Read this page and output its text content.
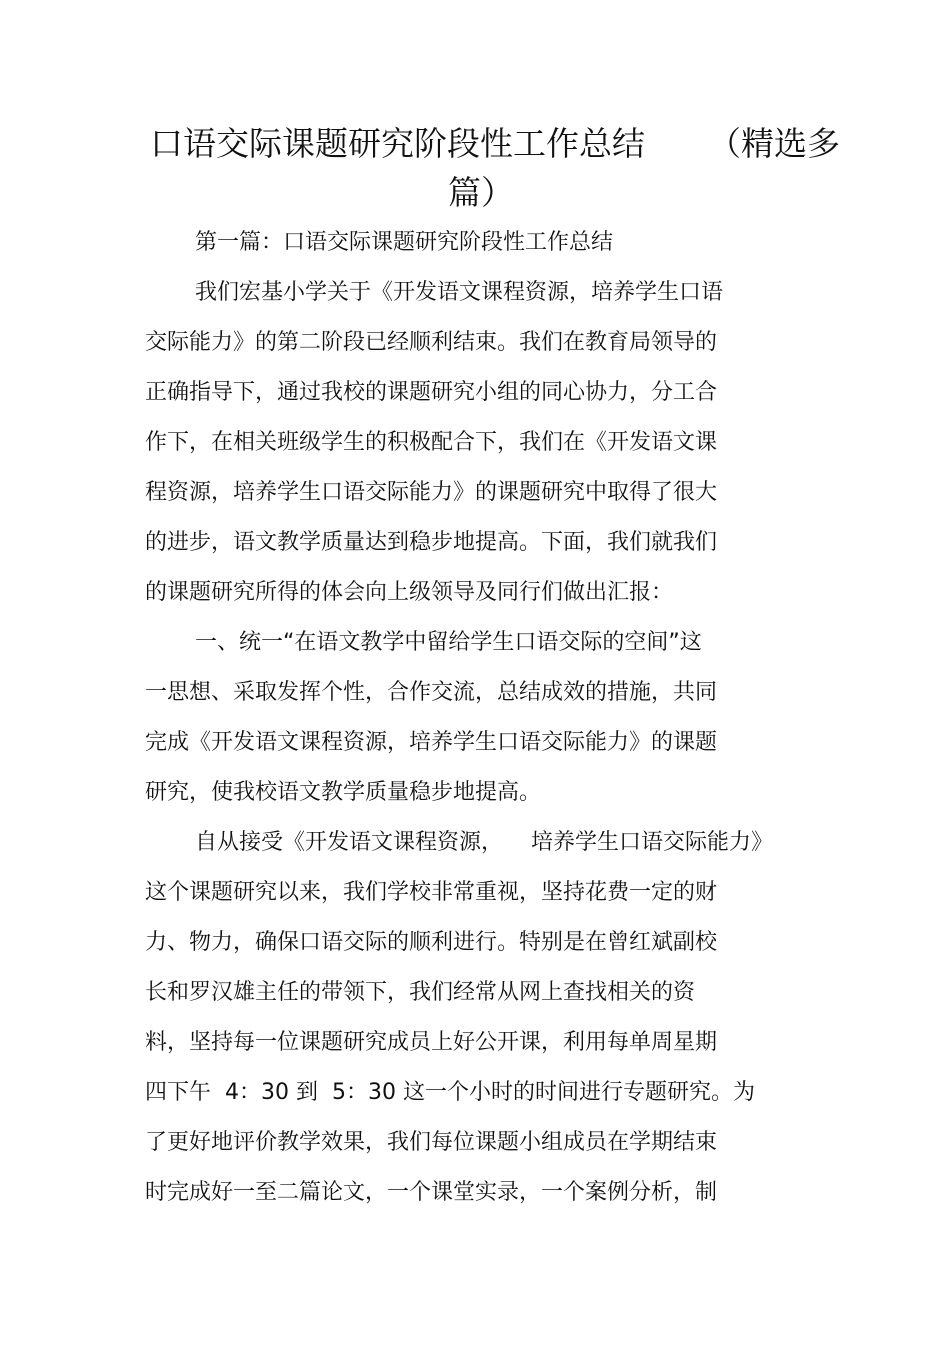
口语交际课题研究阶段性工作总结      （精选多
篇）
第一篇：口语交际课题研究阶段性工作总结
我们宏基小学关于《开发语文课程资源，培养学生口语
交际能力》的第二阶段已经顺利结束。我们在教育局领导的
正确指导下，通过我校的课题研究小组的同心协力，分工合
作下，在相关班级学生的积极配合下，我们在《开发语文课
程资源，培养学生口语交际能力》的课题研究中取得了很大
的进步，语文教学质量达到稳步地提高。下面，我们就我们
的课题研究所得的体会向上级领导及同行们做出汇报：
一、统一“在语文教学中留给学生口语交际的空间”这
一思想、采取发挥个性，合作交流，总结成效的措施，共同
完成《开发语文课程资源，培养学生口语交际能力》的课题
研究，使我校语文教学质量稳步地提高。
自从接受《开发语文课程资源，    培养学生口语交际能力》
这个课题研究以来，我们学校非常重视，坚持花费一定的财
力、物力，确保口语交际的顺利进行。特别是在曾红斌副校
长和罗汉雄主任的带领下，我们经常从网上查找相关的资
料，坚持每一位课题研究成员上好公开课，利用每单周星期
四下午  4：30 到  5：30 这一个小时的时间进行专题研究。为
了更好地评价教学效果，我们每位课题小组成员在学期结束
时完成好一至二篇论文，一个课堂实录，一个案例分析，制
